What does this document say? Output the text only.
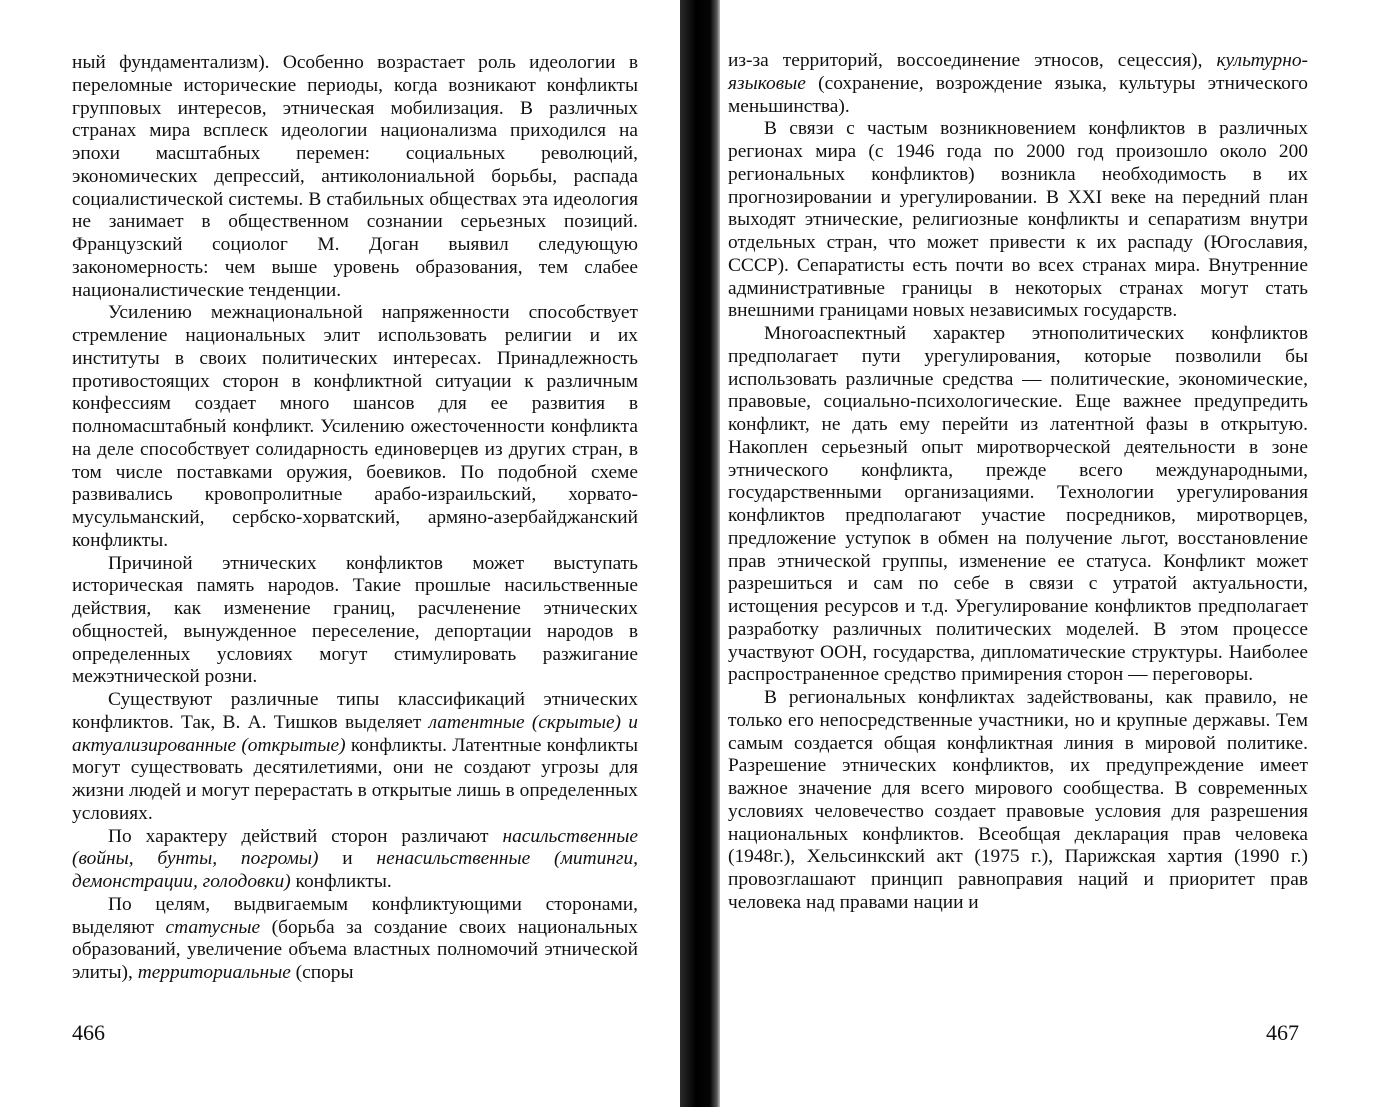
ный фундаментализм). Особенно возрастает роль идеологии в переломные исторические периоды, когда возникают конфликты групповых интересов, этническая мобилизация. В различных странах мира всплеск идеологии национализма приходился на эпохи масштабных перемен: социальных революций, экономических депрессий, антиколониальной борьбы, распада социалистической системы. В стабильных обществах эта идеология не занимает в общественном сознании серьезных позиций. Французский социолог М. Доган выявил следующую закономерность: чем выше уровень образования, тем слабее националистические тенденции.

Усилению межнациональной напряженности способствует стремление национальных элит использовать религии и их институты в своих политических интересах. Принадлежность противостоящих сторон в конфликтной ситуации к различным конфессиям создает много шансов для ее развития в полномасштабный конфликт. Усилению ожесточенности конфликта на деле способствует солидарность единоверцев из других стран, в том числе поставками оружия, боевиков. По подобной схеме развивались кровопролитные арабо-израильский, хорвато-мусульманский, сербско-хорватский, армяно-азербайджанский конфликты.

Причиной этнических конфликтов может выступать историческая память народов. Такие прошлые насильственные действия, как изменение границ, расчленение этнических общностей, вынужденное переселение, депортации народов в определенных условиях могут стимулировать разжигание межэтнической розни.

Существуют различные типы классификаций этнических конфликтов. Так, В. А. Тишков выделяет латентные (скрытые) и актуализированные (открытые) конфликты. Латентные конфликты могут существовать десятилетиями, они не создают угрозы для жизни людей и могут перерастать в открытые лишь в определенных условиях.

По характеру действий сторон различают насильственные (войны, бунты, погромы) и ненасильственные (митинги, демонстрации, голодовки) конфликты.

По целям, выдвигаемым конфликтующими сторонами, выделяют статусные (борьба за создание своих национальных образований, увеличение объема властных полномочий этнической элиты), территориальные (споры

466

из-за территорий, воссоединение этносов, сецессия), культурно-языковые (сохранение, возрождение языка, культуры этнического меньшинства).

В связи с частым возникновением конфликтов в различных регионах мира (с 1946 года по 2000 год произошло около 200 региональных конфликтов) возникла необходимость в их прогнозировании и урегулировании. В XXI веке на передний план выходят этнические, религиозные конфликты и сепаратизм внутри отдельных стран, что может привести к их распаду (Югославия, СССР). Сепаратисты есть почти во всех странах мира. Внутренние административные границы в некоторых странах могут стать внешними границами новых независимых государств.

Многоаспектный характер этнополитических конфликтов предполагает пути урегулирования, которые позволили бы использовать различные средства — политические, экономические, правовые, социально-психологические. Еще важнее предупредить конфликт, не дать ему перейти из латентной фазы в открытую. Накоплен серьезный опыт миротворческой деятельности в зоне этнического конфликта, прежде всего международными, государственными организациями. Технологии урегулирования конфликтов предполагают участие посредников, миротворцев, предложение уступок в обмен на получение льгот, восстановление прав этнической группы, изменение ее статуса. Конфликт может разрешиться и сам по себе в связи с утратой актуальности, истощения ресурсов и т.д. Урегулирование конфликтов предполагает разработку различных политических моделей. В этом процессе участвуют ООН, государства, дипломатические структуры. Наиболее распространенное средство примирения сторон — переговоры.

В региональных конфликтах задействованы, как правило, не только его непосредственные участники, но и крупные державы. Тем самым создается общая конфликтная линия в мировой политике. Разрешение этнических конфликтов, их предупреждение имеет важное значение для всего мирового сообщества. В современных условиях человечество создает правовые условия для разрешения национальных конфликтов. Всеобщая декларация прав человека (1948г.), Хельсинкский акт (1975 г.), Парижская хартия (1990 г.) провозглашают принцип равноправия наций и приоритет прав человека над правами нации и

467
